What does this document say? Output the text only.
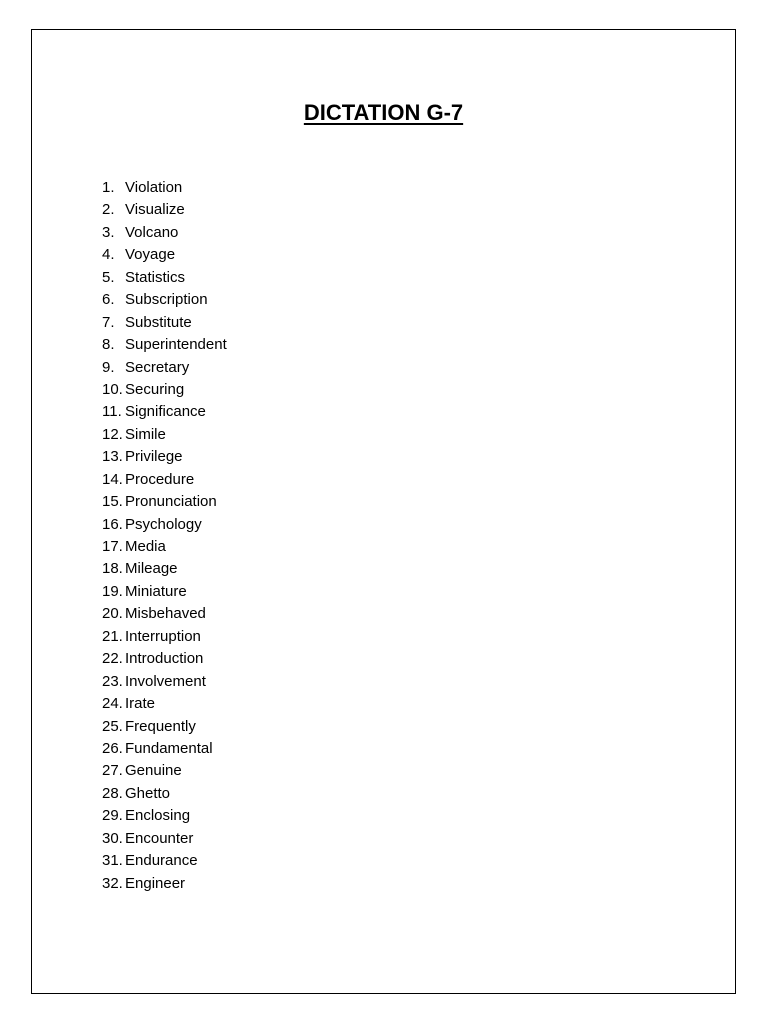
DICTATION G-7
1. Violation
2. Visualize
3. Volcano
4. Voyage
5. Statistics
6. Subscription
7. Substitute
8. Superintendent
9. Secretary
10. Securing
11. Significance
12. Simile
13. Privilege
14. Procedure
15. Pronunciation
16. Psychology
17. Media
18. Mileage
19. Miniature
20. Misbehaved
21. Interruption
22. Introduction
23. Involvement
24. Irate
25. Frequently
26. Fundamental
27. Genuine
28. Ghetto
29. Enclosing
30. Encounter
31. Endurance
32. Engineer
